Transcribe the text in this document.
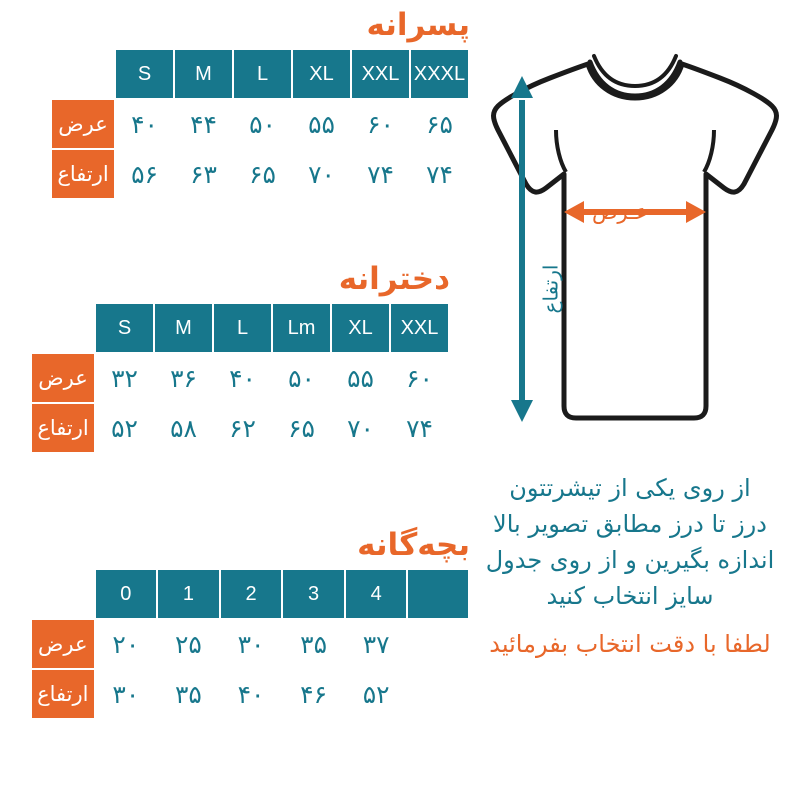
پسرانه
	S	M	L	XL	XXL	XXXL
عرض	۴۰	۴۴	۵۰	۵۵	۶۰	۶۵
ارتفاع	۵۶	۶۳	۶۵	۷۰	۷۴	۷۴
دخترانه
	S	M	L	Lm	XL	XXL
عرض	۳۲	۳۶	۴۰	۵۰	۵۵	۶۰
ارتفاع	۵۲	۵۸	۶۲	۶۵	۷۰	۷۴
بچه‌گانه
	0	1	2	3	4	
عرض	۲۰	۲۵	۳۰	۳۵	۳۷	
ارتفاع	۳۰	۳۵	۴۰	۴۶	۵۲	
عـرض
ارتفاع

از روی یکی از تیشرتتون

درز تا درز مطابق تصویر بالا

اندازه بگیرین و از روی جدول

سایز انتخاب کنید

لطفا با دقت انتخاب بفرمائید
